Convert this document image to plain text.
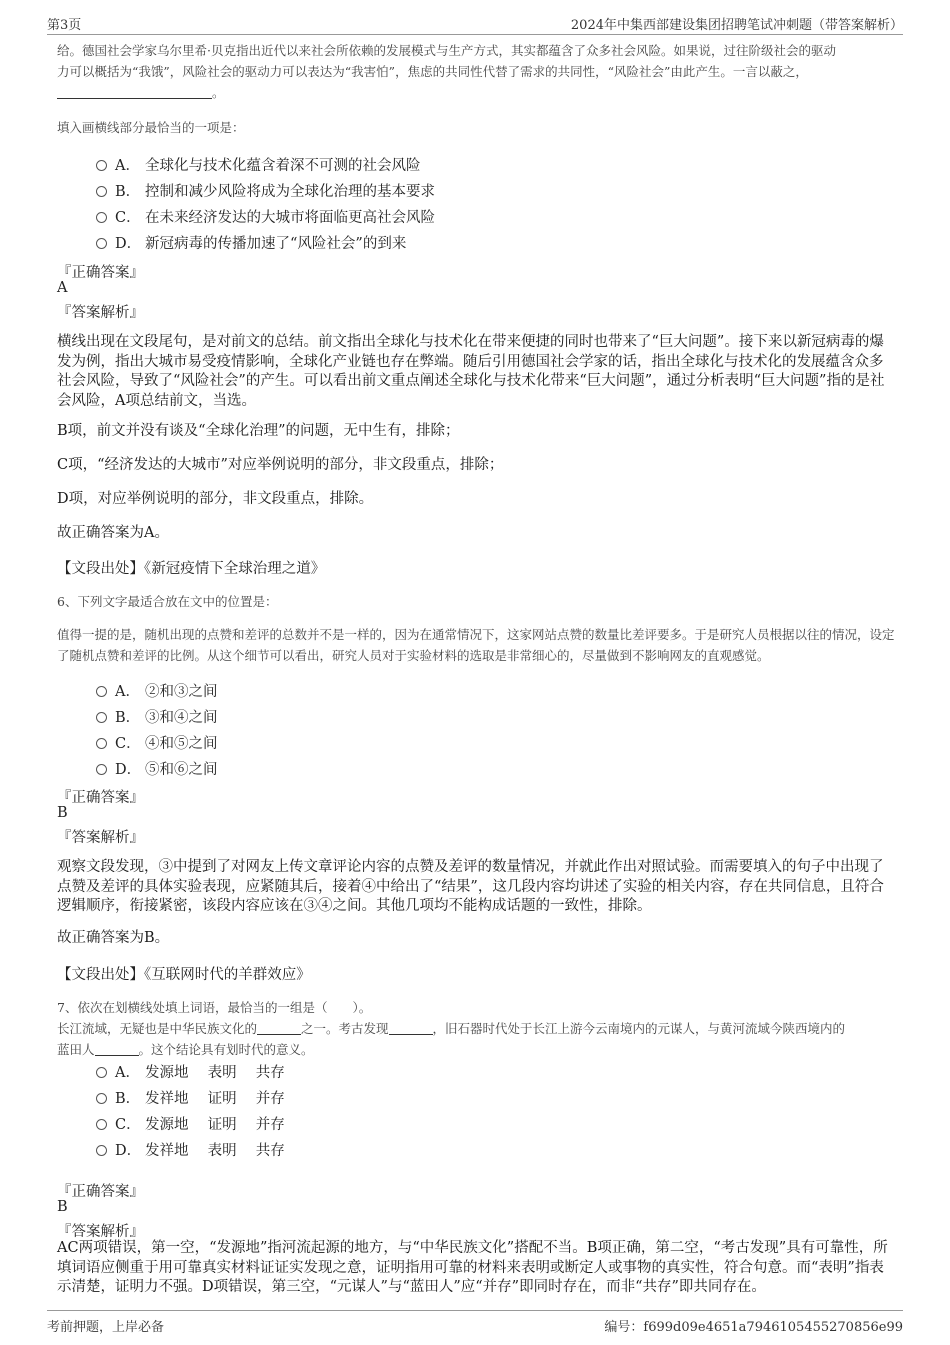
第3页	2024年中集西部建设集团招聘笔试冲刺题（带答案解析）
给。德国社会学家乌尔里希·贝克指出近代以来社会所依赖的发展模式与生产方式，其实都蕴含了众多社会风险。如果说，过往阶级社会的驱动
力可以概括为“我饿”，风险社会的驱动力可以表达为“我害怕”，焦虑的共同性代替了需求的共同性，“风险社会”由此产生。一言以蔽之，
。
填入画横线部分最恰当的一项是：
A． 全球化与技术化蕴含着深不可测的社会风险
B． 控制和减少风险将成为全球化治理的基本要求
C． 在未来经济发达的大城市将面临更高社会风险
D． 新冠病毒的传播加速了“风险社会”的到来
『正确答案』
A
『答案解析』
横线出现在文段尾句，是对前文的总结。前文指出全球化与技术化在带来便捷的同时也带来了“巨大问题”。接下来以新冠病毒的爆发为例，指出大城市易受疫情影响，全球化产业链也存在弊端。随后引用德国社会学家的话，指出全球化与技术化的发展蕴含众多社会风险，导致了“风险社会”的产生。可以看出前文重点阐述全球化与技术化带来“巨大问题”，通过分析表明“巨大问题”指的是社会风险，A项总结前文，当选。
B项，前文并没有谈及“全球化治理”的问题，无中生有，排除；
C项，“经济发达的大城市”对应举例说明的部分，非文段重点，排除；
D项，对应举例说明的部分，非文段重点，排除。
故正确答案为A。
【文段出处】《新冠疫情下全球治理之道》
6、下列文字最适合放在文中的位置是：
值得一提的是，随机出现的点赞和差评的总数并不是一样的，因为在通常情况下，这家网站点赞的数量比差评要多。于是研究人员根据以往的情况，设定了随机点赞和差评的比例。从这个细节可以看出，研究人员对于实验材料的选取是非常细心的，尽量做到不影响网友的直观感觉。
A． ②和③之间
B． ③和④之间
C． ④和⑤之间
D． ⑤和⑥之间
『正确答案』
B
『答案解析』
观察文段发现，③中提到了对网友上传文章评论内容的点赞及差评的数量情况，并就此作出对照试验。而需要填入的句子中出现了点赞及差评的具体实验表现，应紧随其后，接着④中给出了“结果”，这几段内容均讲述了实验的相关内容，存在共同信息，且符合逻辑顺序，衔接紧密，该段内容应该在③④之间。其他几项均不能构成话题的一致性，排除。
故正确答案为B。
【文段出处】《互联网时代的羊群效应》
7、依次在划横线处填上词语，最恰当的一组是（　　）。
长江流域，无疑也是中华民族文化的	之一。考古发现	，旧石器时代处于长江上游今云南境内的元谋人，与黄河流域今陕西境内的
蓝田人	。这个结论具有划时代的意义。
A． 发源地　 表明　 共存
B． 发祥地　 证明　 并存
C． 发源地　 证明　 并存
D． 发祥地　 表明　 共存
『正确答案』
B
『答案解析』
AC两项错误，第一空，“发源地”指河流起源的地方，与“中华民族文化”搭配不当。B项正确，第二空，“考古发现”具有可靠性，所填词语应侧重于用可靠真实材料证证实发现之意，证明指用可靠的材料来表明或断定人或事物的真实性，符合句意。而“表明”指表示清楚，证明力不强。D项错误，第三空，“元谋人”与“蓝田人”应“并存”即同时存在，而非“共存”即共同存在。
考前押题，上岸必备	编号：f699d09e4651a7946105455270856e99
